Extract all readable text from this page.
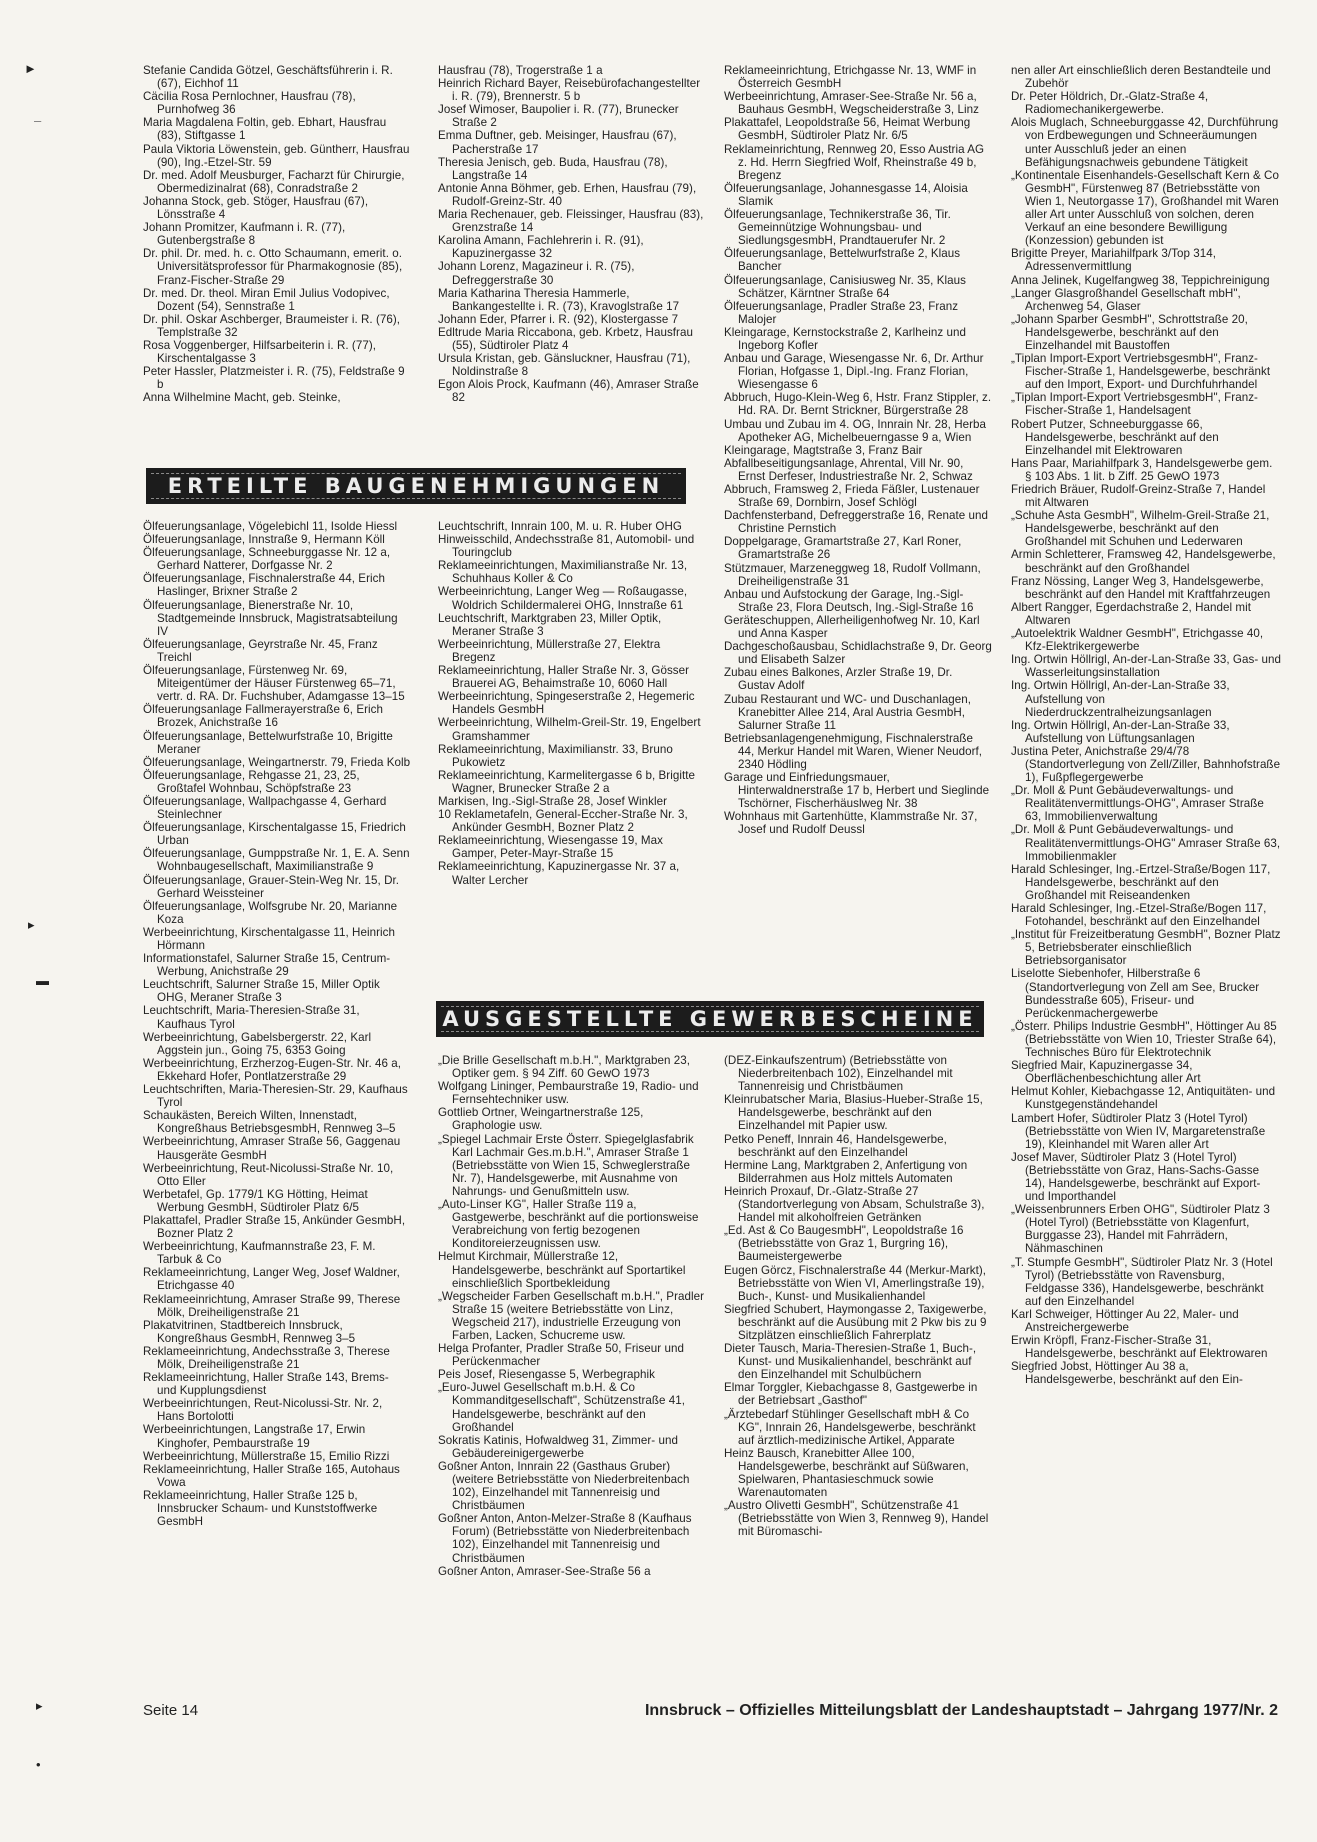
►
–
▸
▬
▸
•

Stefanie Candida Götzel, Geschäftsführerin i. R. (67), Eichhof 11

Cäcilia Rosa Pernlochner, Hausfrau (78), Purnhofweg 36

Maria Magdalena Foltin, geb. Ebhart, Hausfrau (83), Stiftgasse 1

Paula Viktoria Löwenstein, geb. Güntherr, Hausfrau (90), Ing.-Etzel-Str. 59

Dr. med. Adolf Meusburger, Facharzt für Chirurgie, Obermedizinalrat (68), Conradstraße 2

Johanna Stock, geb. Stöger, Hausfrau (67), Lönsstraße 4

Johann Promitzer, Kaufmann i. R. (77), Gutenbergstraße 8

Dr. phil. Dr. med. h. c. Otto Schaumann, emerit. o. Universitätsprofessor für Pharmakognosie (85), Franz-Fischer-Straße 29

Dr. med. Dr. theol. Miran Emil Julius Vodopivec, Dozent (54), Sennstraße 1

Dr. phil. Oskar Aschberger, Braumeister i. R. (76), Templstraße 32

Rosa Voggenberger, Hilfsarbeiterin i. R. (77), Kirschentalgasse 3

Peter Hassler, Platzmeister i. R. (75), Feldstraße 9 b

Anna Wilhelmine Macht, geb. Steinke,

Hausfrau (78), Trogerstraße 1 a

Heinrich Richard Bayer, Reisebürofachangestellter i. R. (79), Brennerstr. 5 b

Josef Wimoser, Baupolier i. R. (77), Brunecker Straße 2

Emma Duftner, geb. Meisinger, Hausfrau (67), Pacherstraße 17

Theresia Jenisch, geb. Buda, Hausfrau (78), Langstraße 14

Antonie Anna Böhmer, geb. Erhen, Hausfrau (79), Rudolf-Greinz-Str. 40

Maria Rechenauer, geb. Fleissinger, Hausfrau (83), Grenzstraße 14

Karolina Amann, Fachlehrerin i. R. (91), Kapuzinergasse 32

Johann Lorenz, Magazineur i. R. (75), Defreggerstraße 30

Maria Katharina Theresia Hammerle, Bankangestellte i. R. (73), Kravoglstraße 17

Johann Eder, Pfarrer i. R. (92), Klostergasse 7

Edltrude Maria Riccabona, geb. Krbetz, Hausfrau (55), Südtiroler Platz 4

Ursula Kristan, geb. Gänsluckner, Hausfrau (71), Noldinstraße 8

Egon Alois Prock, Kaufmann (46), Amraser Straße 82

ERTEILTE BAUGENEHMIGUNGEN

Ölfeuerungsanlage, Vögelebichl 11, Isolde Hiessl

Ölfeuerungsanlage, Innstraße 9, Hermann Köll

Ölfeuerungsanlage, Schneeburggasse Nr. 12 a, Gerhard Natterer, Dorfgasse Nr. 2

Ölfeuerungsanlage, Fischnalerstraße 44, Erich Haslinger, Brixner Straße 2

Ölfeuerungsanlage, Bienerstraße Nr. 10, Stadtgemeinde Innsbruck, Magistratsabteilung IV

Ölfeuerungsanlage, Geyrstraße Nr. 45, Franz Treichl

Ölfeuerungsanlage, Fürstenweg Nr. 69, Miteigentümer der Häuser Fürstenweg 65–71, vertr. d. RA. Dr. Fuchshuber, Adamgasse 13–15

Ölfeuerungsanlage Fallmerayerstraße 6, Erich Brozek, Anichstraße 16

Ölfeuerungsanlage, Bettelwurfstraße 10, Brigitte Meraner

Ölfeuerungsanlage, Weingartnerstr. 79, Frieda Kolb

Ölfeuerungsanlage, Rehgasse 21, 23, 25, Großtafel Wohnbau, Schöpfstraße 23

Ölfeuerungsanlage, Wallpachgasse 4, Gerhard Steinlechner

Ölfeuerungsanlage, Kirschentalgasse 15, Friedrich Urban

Ölfeuerungsanlage, Gumppstraße Nr. 1, E. A. Senn Wohnbaugesellschaft, Maximilianstraße 9

Ölfeuerungsanlage, Grauer-Stein-Weg Nr. 15, Dr. Gerhard Weissteiner

Ölfeuerungsanlage, Wolfsgrube Nr. 20, Marianne Koza

Werbeeinrichtung, Kirschentalgasse 11, Heinrich Hörmann

Informationstafel, Salurner Straße 15, Centrum-Werbung, Anichstraße 29

Leuchtschrift, Salurner Straße 15, Miller Optik OHG, Meraner Straße 3

Leuchtschrift, Maria-Theresien-Straße 31, Kaufhaus Tyrol

Werbeeinrichtung, Gabelsbergerstr. 22, Karl Aggstein jun., Going 75, 6353 Going

Werbeeinrichtung, Erzherzog-Eugen-Str. Nr. 46 a, Ekkehard Hofer, Pontlatzerstraße 29

Leuchtschriften, Maria-Theresien-Str. 29, Kaufhaus Tyrol

Schaukästen, Bereich Wilten, Innenstadt, Kongreßhaus BetriebsgesmbH, Rennweg 3–5

Werbeeinrichtung, Amraser Straße 56, Gaggenau Hausgeräte GesmbH

Werbeeinrichtung, Reut-Nicolussi-Straße Nr. 10, Otto Eller

Werbetafel, Gp. 1779/1 KG Hötting, Heimat Werbung GesmbH, Südtiroler Platz 6/5

Plakattafel, Pradler Straße 15, Ankünder GesmbH, Bozner Platz 2

Werbeeinrichtung, Kaufmannstraße 23, F. M. Tarbuk & Co

Reklameeinrichtung, Langer Weg, Josef Waldner, Etrichgasse 40

Reklameeinrichtung, Amraser Straße 99, Therese Mölk, Dreiheiligenstraße 21

Plakatvitrinen, Stadtbereich Innsbruck, Kongreßhaus GesmbH, Rennweg 3–5

Reklameeinrichtung, Andechsstraße 3, Therese Mölk, Dreiheiligenstraße 21

Reklameeinrichtung, Haller Straße 143, Brems- und Kupplungsdienst

Werbeeinrichtungen, Reut-Nicolussi-Str. Nr. 2, Hans Bortolotti

Werbeeinrichtungen, Langstraße 17, Erwin Kinghofer, Pembaurstraße 19

Werbeeinrichtung, Müllerstraße 15, Emilio Rizzi

Reklameeinrichtung, Haller Straße 165, Autohaus Vowa

Reklameeinrichtung, Haller Straße 125 b, Innsbrucker Schaum- und Kunststoffwerke GesmbH

Leuchtschrift, Innrain 100, M. u. R. Huber OHG

Hinweisschild, Andechsstraße 81, Automobil- und Touringclub

Reklameeinrichtungen, Maximilianstraße Nr. 13, Schuhhaus Koller & Co

Werbeeinrichtung, Langer Weg — Roßaugasse, Woldrich Schildermalerei OHG, Innstraße 61

Leuchtschrift, Marktgraben 23, Miller Optik, Meraner Straße 3

Werbeeinrichtung, Müllerstraße 27, Elektra Bregenz

Reklameeinrichtung, Haller Straße Nr. 3, Gösser Brauerei AG, Behaimstraße 10, 6060 Hall

Werbeeinrichtung, Spingeserstraße 2, Hegemeric Handels GesmbH

Werbeeinrichtung, Wilhelm-Greil-Str. 19, Engelbert Gramshammer

Reklameeinrichtung, Maximilianstr. 33, Bruno Pukowietz

Reklameeinrichtung, Karmelitergasse 6 b, Brigitte Wagner, Brunecker Straße 2 a

Markisen, Ing.-Sigl-Straße 28, Josef Winkler

10 Reklametafeln, General-Eccher-Straße Nr. 3, Ankünder GesmbH, Bozner Platz 2

Reklameeinrichtung, Wiesengasse 19, Max Gamper, Peter-Mayr-Straße 15

Reklameeinrichtung, Kapuzinergasse Nr. 37 a, Walter Lercher

AUSGESTELLTE GEWERBESCHEINE

„Die Brille Gesellschaft m.b.H.", Marktgraben 23, Optiker gem. § 94 Ziff. 60 GewO 1973

Wolfgang Lininger, Pembaurstraße 19, Radio- und Fernsehtechniker usw.

Gottlieb Ortner, Weingartnerstraße 125, Graphologie usw.

„Spiegel Lachmair Erste Österr. Spiegelglasfabrik Karl Lachmair Ges.m.b.H.", Amraser Straße 1 (Betriebsstätte von Wien 15, Schweglerstraße Nr. 7), Handelsgewerbe, mit Ausnahme von Nahrungs- und Genußmitteln usw.

„Auto-Linser KG", Haller Straße 119 a, Gastgewerbe, beschränkt auf die portionsweise Verabreichung von fertig bezogenen Konditoreierzeugnissen usw.

Helmut Kirchmair, Müllerstraße 12, Handelsgewerbe, beschränkt auf Sportartikel einschließlich Sportbekleidung

„Wegscheider Farben Gesellschaft m.b.H.", Pradler Straße 15 (weitere Betriebsstätte von Linz, Wegscheid 217), industrielle Erzeugung von Farben, Lacken, Schucreme usw.

Helga Profanter, Pradler Straße 50, Friseur und Perückenmacher

Peis Josef, Riesengasse 5, Werbegraphik

„Euro-Juwel Gesellschaft m.b.H. & Co Kommanditgesellschaft", Schützenstraße 41, Handelsgewerbe, beschränkt auf den Großhandel

Sokratis Katinis, Hofwaldweg 31, Zimmer- und Gebäudereinigergewerbe

Goßner Anton, Innrain 22 (Gasthaus Gruber) (weitere Betriebsstätte von Niederbreitenbach 102), Einzelhandel mit Tannenreisig und Christbäumen

Goßner Anton, Anton-Melzer-Straße 8 (Kaufhaus Forum) (Betriebsstätte von Niederbreitenbach 102), Einzelhandel mit Tannenreisig und Christbäumen

Goßner Anton, Amraser-See-Straße 56 a

Reklameeinrichtung, Etrichgasse Nr. 13, WMF in Österreich GesmbH

Werbeeinrichtung, Amraser-See-Straße Nr. 56 a, Bauhaus GesmbH, Wegscheiderstraße 3, Linz

Plakattafel, Leopoldstraße 56, Heimat Werbung GesmbH, Südtiroler Platz Nr. 6/5

Reklameinrichtung, Rennweg 20, Esso Austria AG z. Hd. Herrn Siegfried Wolf, Rheinstraße 49 b, Bregenz

Ölfeuerungsanlage, Johannesgasse 14, Aloisia Slamik

Ölfeuerungsanlage, Technikerstraße 36, Tir. Gemeinnützige Wohnungsbau- und SiedlungsgesmbH, Prandtauerufer Nr. 2

Ölfeuerungsanlage, Bettelwurfstraße 2, Klaus Bancher

Ölfeuerungsanlage, Canisiusweg Nr. 35, Klaus Schätzer, Kärntner Straße 64

Ölfeuerungsanlage, Pradler Straße 23, Franz Malojer

Kleingarage, Kernstockstraße 2, Karlheinz und Ingeborg Kofler

Anbau und Garage, Wiesengasse Nr. 6, Dr. Arthur Florian, Hofgasse 1, Dipl.-Ing. Franz Florian, Wiesengasse 6

Abbruch, Hugo-Klein-Weg 6, Hstr. Franz Stippler, z. Hd. RA. Dr. Bernt Strickner, Bürgerstraße 28

Umbau und Zubau im 4. OG, Innrain Nr. 28, Herba Apotheker AG, Michelbeuerngasse 9 a, Wien

Kleingarage, Magtstraße 3, Franz Bair

Abfallbeseitigungsanlage, Ahrental, Vill Nr. 90, Ernst Derfeser, Industriestraße Nr. 2, Schwaz

Abbruch, Framsweg 2, Frieda Fäßler, Lustenauer Straße 69, Dornbirn, Josef Schlögl

Dachfensterband, Defreggerstraße 16, Renate und Christine Pernstich

Doppelgarage, Gramartstraße 27, Karl Roner, Gramartstraße 26

Stützmauer, Marzeneggweg 18, Rudolf Vollmann, Dreiheiligenstraße 31

Anbau und Aufstockung der Garage, Ing.-Sigl-Straße 23, Flora Deutsch, Ing.-Sigl-Straße 16

Geräteschuppen, Allerheiligenhofweg Nr. 10, Karl und Anna Kasper

Dachgeschoßausbau, Schidlachstraße 9, Dr. Georg und Elisabeth Salzer

Zubau eines Balkones, Arzler Straße 19, Dr. Gustav Adolf

Zubau Restaurant und WC- und Duschanlagen, Kranebitter Allee 214, Aral Austria GesmbH, Salurner Straße 11

Betriebsanlagengenehmigung, Fischnalerstraße 44, Merkur Handel mit Waren, Wiener Neudorf, 2340 Hödling

Garage und Einfriedungsmauer, Hinterwaldnerstraße 17 b, Herbert und Sieglinde Tschörner, Fischerhäuslweg Nr. 38

Wohnhaus mit Gartenhütte, Klammstraße Nr. 37, Josef und Rudolf Deussl

(DEZ-Einkaufszentrum) (Betriebsstätte von Niederbreitenbach 102), Einzelhandel mit Tannenreisig und Christbäumen

Kleinrubatscher Maria, Blasius-Hueber-Straße 15, Handelsgewerbe, beschränkt auf den Einzelhandel mit Papier usw.

Petko Peneff, Innrain 46, Handelsgewerbe, beschränkt auf den Einzelhandel

Hermine Lang, Marktgraben 2, Anfertigung von Bilderrahmen aus Holz mittels Automaten

Heinrich Proxauf, Dr.-Glatz-Straße 27 (Standortverlegung von Absam, Schulstraße 3), Handel mit alkoholfreien Getränken

„Ed. Ast & Co BaugesmbH", Leopoldstraße 16 (Betriebsstätte von Graz 1, Burgring 16), Baumeistergewerbe

Eugen Görcz, Fischnalerstraße 44 (Merkur-Markt), Betriebsstätte von Wien VI, Amerlingstraße 19), Buch-, Kunst- und Musikalienhandel

Siegfried Schubert, Haymongasse 2, Taxigewerbe, beschränkt auf die Ausübung mit 2 Pkw bis zu 9 Sitzplätzen einschließlich Fahrerplatz

Dieter Tausch, Maria-Theresien-Straße 1, Buch-, Kunst- und Musikalienhandel, beschränkt auf den Einzelhandel mit Schulbüchern

Elmar Torggler, Kiebachgasse 8, Gastgewerbe in der Betriebsart „Gasthof"

„Ärztebedarf Stühlinger Gesellschaft mbH & Co KG", Innrain 26, Handelsgewerbe, beschränkt auf ärztlich-medizinische Artikel, Apparate

Heinz Bausch, Kranebitter Allee 100, Handelsgewerbe, beschränkt auf Süßwaren, Spielwaren, Phantasieschmuck sowie Warenautomaten

„Austro Olivetti GesmbH", Schützenstraße 41 (Betriebsstätte von Wien 3, Rennweg 9), Handel mit Büromaschi-

nen aller Art einschließlich deren Bestandteile und Zubehör

Dr. Peter Höldrich, Dr.-Glatz-Straße 4, Radiomechanikergewerbe.

Alois Muglach, Schneeburggasse 42, Durchführung von Erdbewegungen und Schneeräumungen unter Ausschluß jeder an einen Befähigungsnachweis gebundene Tätigkeit

„Kontinentale Eisenhandels-Gesellschaft Kern & Co GesmbH", Fürstenweg 87 (Betriebsstätte von Wien 1, Neutorgasse 17), Großhandel mit Waren aller Art unter Ausschluß von solchen, deren Verkauf an eine besondere Bewilligung (Konzession) gebunden ist

Brigitte Preyer, Mariahilfpark 3/Top 314, Adressenvermittlung

Anna Jelinek, Kugelfangweg 38, Teppichreinigung

„Langer Glasgroßhandel Gesellschaft mbH", Archenweg 54, Glaser

„Johann Sparber GesmbH", Schrottstraße 20, Handelsgewerbe, beschränkt auf den Einzelhandel mit Baustoffen

„Tiplan Import-Export VertriebsgesmbH", Franz-Fischer-Straße 1, Handelsgewerbe, beschränkt auf den Import, Export- und Durchfuhrhandel

„Tiplan Import-Export VertriebsgesmbH", Franz-Fischer-Straße 1, Handelsagent

Robert Putzer, Schneeburggasse 66, Handelsgewerbe, beschränkt auf den Einzelhandel mit Elektrowaren

Hans Paar, Mariahilfpark 3, Handelsgewerbe gem. § 103 Abs. 1 lit. b Ziff. 25 GewO 1973

Friedrich Bräuer, Rudolf-Greinz-Straße 7, Handel mit Altwaren

„Schuhe Asta GesmbH", Wilhelm-Greil-Straße 21, Handelsgewerbe, beschränkt auf den Großhandel mit Schuhen und Lederwaren

Armin Schletterer, Framsweg 42, Handelsgewerbe, beschränkt auf den Großhandel

Franz Nössing, Langer Weg 3, Handelsgewerbe, beschränkt auf den Handel mit Kraftfahrzeugen

Albert Rangger, Egerdachstraße 2, Handel mit Altwaren

„Autoelektrik Waldner GesmbH", Etrichgasse 40, Kfz-Elektrikergewerbe

Ing. Ortwin Höllrigl, An-der-Lan-Straße 33, Gas- und Wasserleitungsinstallation

Ing. Ortwin Höllrigl, An-der-Lan-Straße 33, Aufstellung von Niederdruckzentralheizungsanlagen

Ing. Ortwin Höllrigl, An-der-Lan-Straße 33, Aufstellung von Lüftungsanlagen

Justina Peter, Anichstraße 29/4/78 (Standortverlegung von Zell/Ziller, Bahnhofstraße 1), Fußpflegergewerbe

„Dr. Moll & Punt Gebäudeverwaltungs- und Realitätenvermittlungs-OHG", Amraser Straße 63, Immobilienverwaltung

„Dr. Moll & Punt Gebäudeverwaltungs- und Realitätenvermittlungs-OHG" Amraser Straße 63, Immobilienmakler

Harald Schlesinger, Ing.-Ertzel-Straße/Bogen 117, Handelsgewerbe, beschränkt auf den Großhandel mit Reiseandenken

Harald Schlesinger, Ing.-Etzel-Straße/Bogen 117, Fotohandel, beschränkt auf den Einzelhandel

„Institut für Freizeitberatung GesmbH", Bozner Platz 5, Betriebsberater einschließlich Betriebsorganisator

Liselotte Siebenhofer, Hilberstraße 6 (Standortverlegung von Zell am See, Brucker Bundesstraße 605), Friseur- und Perückenmachergewerbe

„Österr. Philips Industrie GesmbH", Höttinger Au 85 (Betriebsstätte von Wien 10, Triester Straße 64), Technisches Büro für Elektrotechnik

Siegfried Mair, Kapuzinergasse 34, Oberflächenbeschichtung aller Art

Helmut Kohler, Kiebachgasse 12, Antiquitäten- und Kunstgegenständehandel

Lambert Hofer, Südtiroler Platz 3 (Hotel Tyrol) (Betriebsstätte von Wien IV, Margaretenstraße 19), Kleinhandel mit Waren aller Art

Josef Maver, Südtiroler Platz 3 (Hotel Tyrol) (Betriebsstätte von Graz, Hans-Sachs-Gasse 14), Handelsgewerbe, beschränkt auf Export- und Importhandel

„Weissenbrunners Erben OHG", Südtiroler Platz 3 (Hotel Tyrol) (Betriebsstätte von Klagenfurt, Burggasse 23), Handel mit Fahrrädern, Nähmaschinen

„T. Stumpfe GesmbH", Südtiroler Platz Nr. 3 (Hotel Tyrol) (Betriebsstätte von Ravensburg, Feldgasse 336), Handelsgewerbe, beschränkt auf den Einzelhandel

Karl Schweiger, Höttinger Au 22, Maler- und Anstreichergewerbe

Erwin Kröpfl, Franz-Fischer-Straße 31, Handelsgewerbe, beschränkt auf Elektrowaren

Siegfried Jobst, Höttinger Au 38 a, Handelsgewerbe, beschränkt auf den Ein-

Seite 14	Innsbruck – Offizielles Mitteilungsblatt der Landeshauptstadt – Jahrgang 1977/Nr. 2
